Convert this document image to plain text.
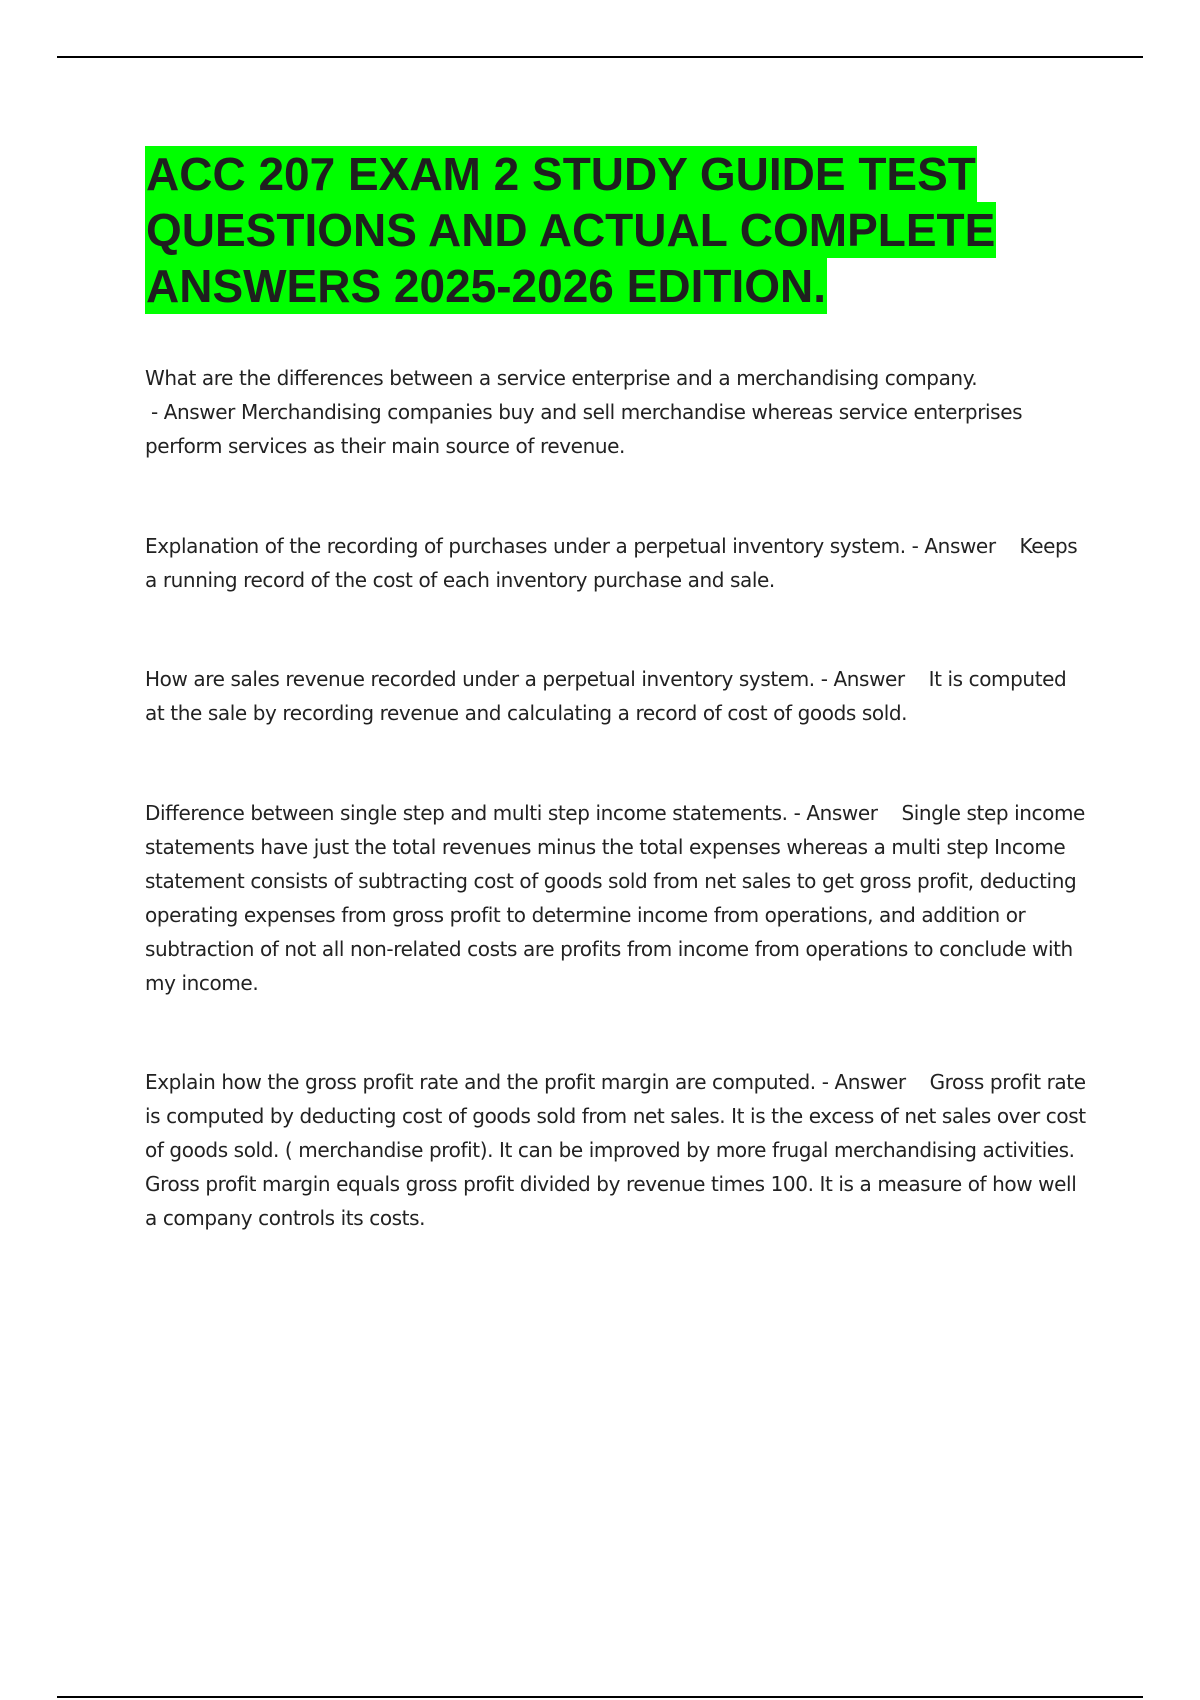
ACC 207 EXAM 2 STUDY GUIDE TEST
QUESTIONS AND ACTUAL COMPLETE
ANSWERS 2025-2026 EDITION.

What are the differences between a service enterprise and a merchandising company. - Answer Merchandising companies buy and sell merchandise whereas service enterprises perform services as their main source of revenue.

Explanation of the recording of purchases under a perpetual inventory system. - Answer    Keeps a running record of the cost of each inventory purchase and sale.

How are sales revenue recorded under a perpetual inventory system. - Answer    It is computed at the sale by recording revenue and calculating a record of cost of goods sold.

Difference between single step and multi step income statements. - Answer    Single step income statements have just the total revenues minus the total expenses whereas a multi step Income statement consists of subtracting cost of goods sold from net sales to get gross profit, deducting operating expenses from gross profit to determine income from operations, and addition or subtraction of not all non-related costs are profits from income from operations to conclude with my income.

Explain how the gross profit rate and the profit margin are computed. - Answer    Gross profit rate is computed by deducting cost of goods sold from net sales. It is the excess of net sales over cost of goods sold. ( merchandise profit). It can be improved by more frugal merchandising activities. Gross profit margin equals gross profit divided by revenue times 100. It is a measure of how well a company controls its costs.
